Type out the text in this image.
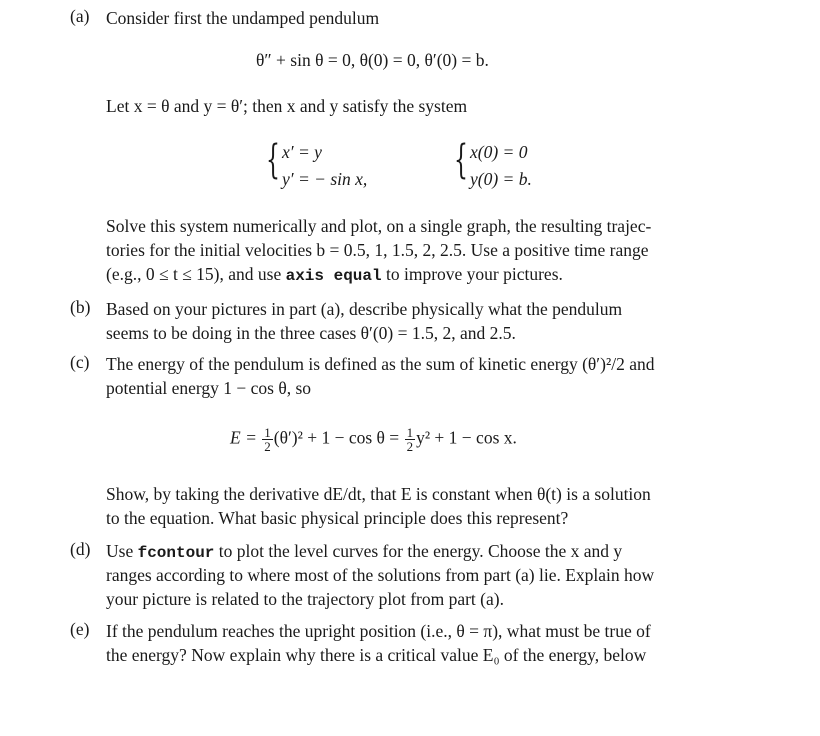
(a) Consider first the undamped pendulum
θ″ + sin θ = 0, θ(0) = 0, θ′(0) = b.
Let x = θ and y = θ′; then x and y satisfy the system
{ x′ = y
y′ = − sin x, { x(0) = 0
y(0) = b.
Solve this system numerically and plot, on a single graph, the resulting trajec-
tories for the initial velocities b = 0.5, 1, 1.5, 2, 2.5. Use a positive time range
(e.g., 0 ≤ t ≤ 15), and use axis equal to improve your pictures.
(b) Based on your pictures in part (a), describe physically what the pendulum
seems to be doing in the three cases θ′(0) = 1.5, 2, and 2.5.
(c) The energy of the pendulum is defined as the sum of kinetic energy (θ′)²/2 and
potential energy 1 − cos θ, so
$E = \frac{1}{2} (\theta')^2 + 1 - \cos \theta = \frac{1}{2} y^2 + 1 - \cos x$.
Show, by taking the derivative dE/dt, that E is constant when θ(t) is a solution
to the equation. What basic physical principle does this represent?
(d) Use fcontour to plot the level curves for the energy. Choose the x and y
ranges according to where most of the solutions from part (a) lie. Explain how
your picture is related to the trajectory plot from part (a).
(e) If the pendulum reaches the upright position (i.e., θ = π), what must be true of
the energy? Now explain why there is a critical value E₀ of the energy, below
